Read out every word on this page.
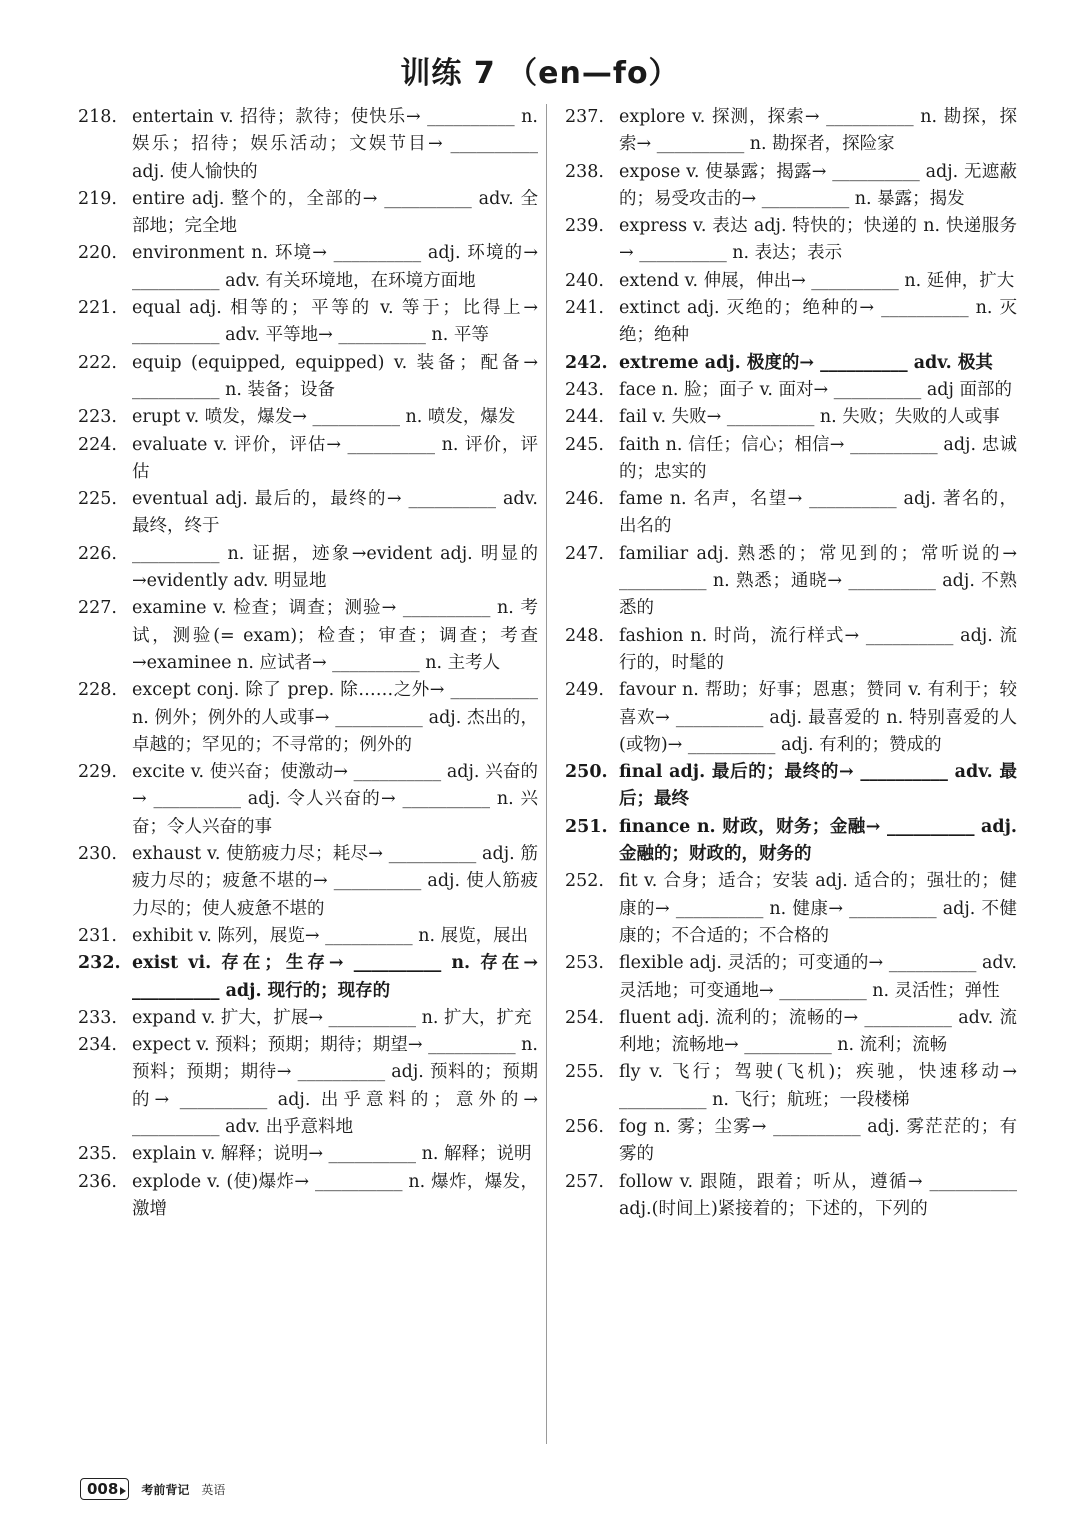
训练 7 （en—fo）
218. entertain v. 招待；款待；使快乐→ __________ n. 娱乐；招待；娱乐活动；文娱节目→ __________ adj. 使人愉快的
219. entire adj. 整个的，全部的→ __________ adv. 全部地；完全地
220. environment n. 环境→ __________ adj. 环境的→ __________ adv. 有关环境地，在环境方面地
221. equal adj. 相等的；平等的 v. 等于；比得上→ __________ adv. 平等地→ __________ n. 平等
222. equip (equipped, equipped) v. 装备；配备→ __________ n. 装备；设备
223. erupt v. 喷发，爆发→ __________ n. 喷发，爆发
224. evaluate v. 评价，评估→ __________ n. 评价，评估
225. eventual adj. 最后的，最终的→ __________ adv. 最终，终于
226. __________ n. 证据，迹象→evident adj. 明显的→evidently adv. 明显地
227. examine v. 检查；调查；测验→ __________ n. 考试，测验(= exam)；检查；审查；调查；考查→examinee n. 应试者→ __________ n. 主考人
228. except conj. 除了 prep. 除……之外→ __________ n. 例外；例外的人或事→ __________ adj. 杰出的，卓越的；罕见的；不寻常的；例外的
229. excite v. 使兴奋；使激动→ __________ adj. 兴奋的→ __________ adj. 令人兴奋的→ __________ n. 兴奋；令人兴奋的事
230. exhaust v. 使筋疲力尽；耗尽→ __________ adj. 筋疲力尽的；疲惫不堪的→ __________ adj. 使人筋疲力尽的；使人疲惫不堪的
231. exhibit v. 陈列，展览→ __________ n. 展览，展出
232. exist vi. 存在；生存→ __________ n. 存在→ __________ adj. 现行的；现存的
233. expand v. 扩大，扩展→ __________ n. 扩大，扩充
234. expect v. 预料；预期；期待；期望→ __________ n. 预料；预期；期待→ __________ adj. 预料的；预期的→ __________ adj. 出乎意料的；意外的→ __________ adv. 出乎意料地
235. explain v. 解释；说明→ __________ n. 解释；说明
236. explode v. (使)爆炸→ __________ n. 爆炸，爆发，激增
237. explore v. 探测，探索→ __________ n. 勘探，探索→ __________ n. 勘探者，探险家
238. expose v. 使暴露；揭露→ __________ adj. 无遮蔽的；易受攻击的→ __________ n. 暴露；揭发
239. express v. 表达 adj. 特快的；快递的 n. 快递服务→ __________ n. 表达；表示
240. extend v. 伸展，伸出→ __________ n. 延伸，扩大
241. extinct adj. 灭绝的；绝种的→ __________ n. 灭绝；绝种
242. extreme adj. 极度的→ __________ adv. 极其
243. face n. 脸；面子 v. 面对→ __________ adj 面部的
244. fail v. 失败→ __________ n. 失败；失败的人或事
245. faith n. 信任；信心；相信→ __________ adj. 忠诚的；忠实的
246. fame n. 名声，名望→ __________ adj. 著名的，出名的
247. familiar adj. 熟悉的；常见到的；常听说的→ __________ n. 熟悉；通晓→ __________ adj. 不熟悉的
248. fashion n. 时尚，流行样式→ __________ adj. 流行的，时髦的
249. favour n. 帮助；好事；恩惠；赞同 v. 有利于；较喜欢→ __________ adj. 最喜爱的 n. 特别喜爱的人(或物)→ __________ adj. 有利的；赞成的
250. final adj. 最后的；最终的→ __________ adv. 最后；最终
251. finance n. 财政，财务；金融→ __________ adj. 金融的；财政的，财务的
252. fit v. 合身；适合；安装 adj. 适合的；强壮的；健康的→ __________ n. 健康→ __________ adj. 不健康的；不合适的；不合格的
253. flexible adj. 灵活的；可变通的→ __________ adv. 灵活地；可变通地→ __________ n. 灵活性；弹性
254. fluent adj. 流利的；流畅的→ __________ adv. 流利地；流畅地→ __________ n. 流利；流畅
255. fly v. 飞行；驾驶(飞机)；疾驰，快速移动→ __________ n. 飞行；航班；一段楼梯
256. fog n. 雾；尘雾→ __________ adj. 雾茫茫的；有雾的
257. follow v. 跟随，跟着；听从，遵循→ __________ adj.(时间上)紧接着的；下述的，下列的
008	考前背记 英语
